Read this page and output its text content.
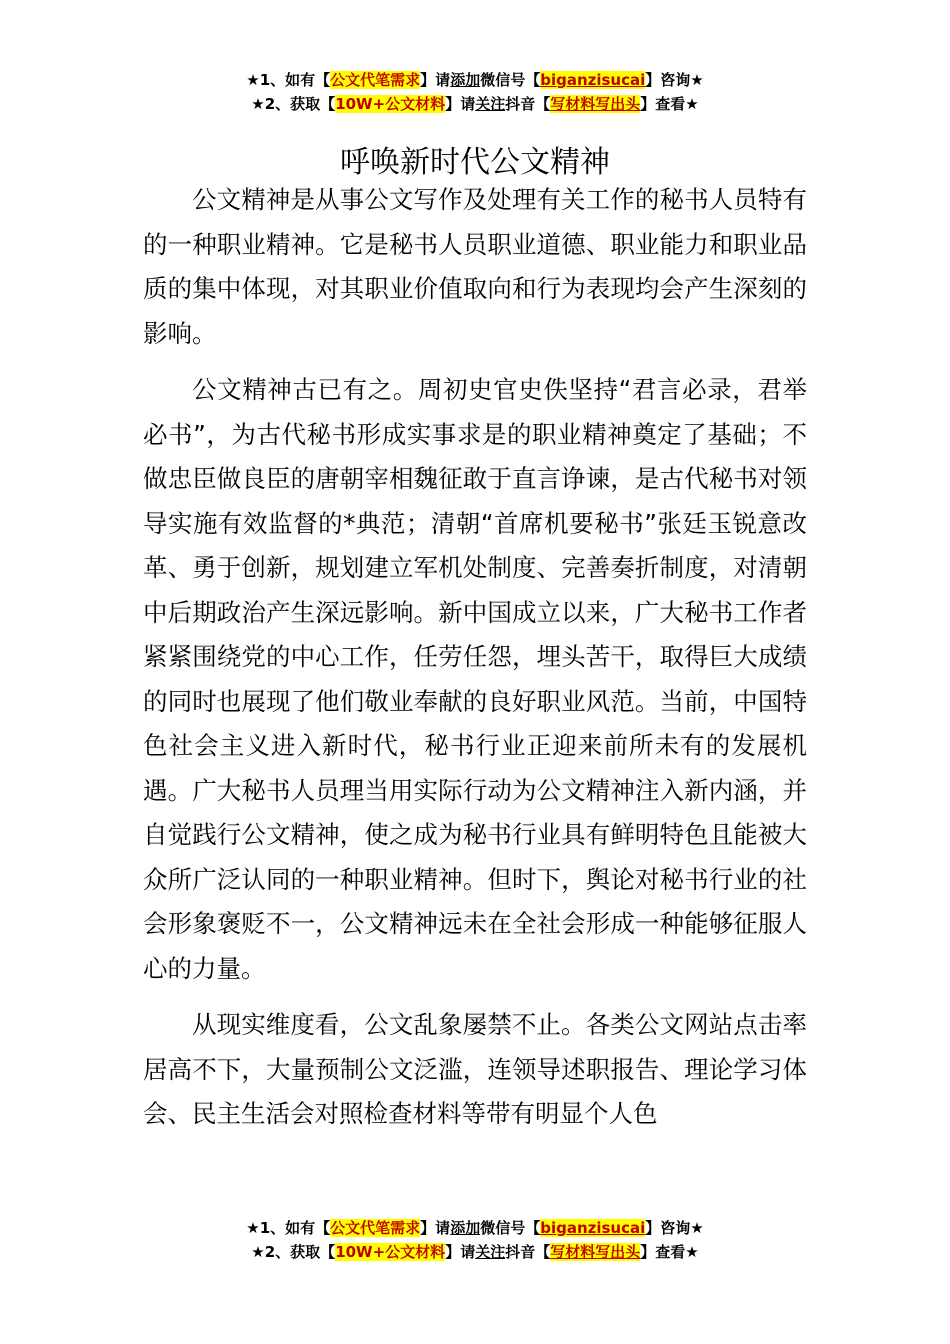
★1、如有【公文代笔需求】请添加微信号【biganzisucai】咨询★
★2、获取【10W+公文材料】请关注抖音【写材料写出头】查看★
呼唤新时代公文精神

公文精神是从事公文写作及处理有关工作的秘书人员特有的一种职业精神。它是秘书人员职业道德、职业能力和职业品质的集中体现，对其职业价值取向和行为表现均会产生深刻的影响。

公文精神古已有之。周初史官史佚坚持“君言必录，君举必书”，为古代秘书形成实事求是的职业精神奠定了基础；不做忠臣做良臣的唐朝宰相魏征敢于直言诤谏，是古代秘书对领导实施有效监督的*典范；清朝“首席机要秘书”张廷玉锐意改革、勇于创新，规划建立军机处制度、完善奏折制度，对清朝中后期政治产生深远影响。新中国成立以来，广大秘书工作者紧紧围绕党的中心工作，任劳任怨，埋头苦干，取得巨大成绩的同时也展现了他们敬业奉献的良好职业风范。当前，中国特色社会主义进入新时代，秘书行业正迎来前所未有的发展机遇。广大秘书人员理当用实际行动为公文精神注入新内涵，并自觉践行公文精神，使之成为秘书行业具有鲜明特色且能被大众所广泛认同的一种职业精神。但时下，舆论对秘书行业的社会形象褒贬不一，公文精神远未在全社会形成一种能够征服人心的力量。

从现实维度看，公文乱象屡禁不止。各类公文网站点击率居高不下，大量预制公文泛滥，连领导述职报告、理论学习体会、民主生活会对照检查材料等带有明显个人色

★1、如有【公文代笔需求】请添加微信号【biganzisucai】咨询★
★2、获取【10W+公文材料】请关注抖音【写材料写出头】查看★
